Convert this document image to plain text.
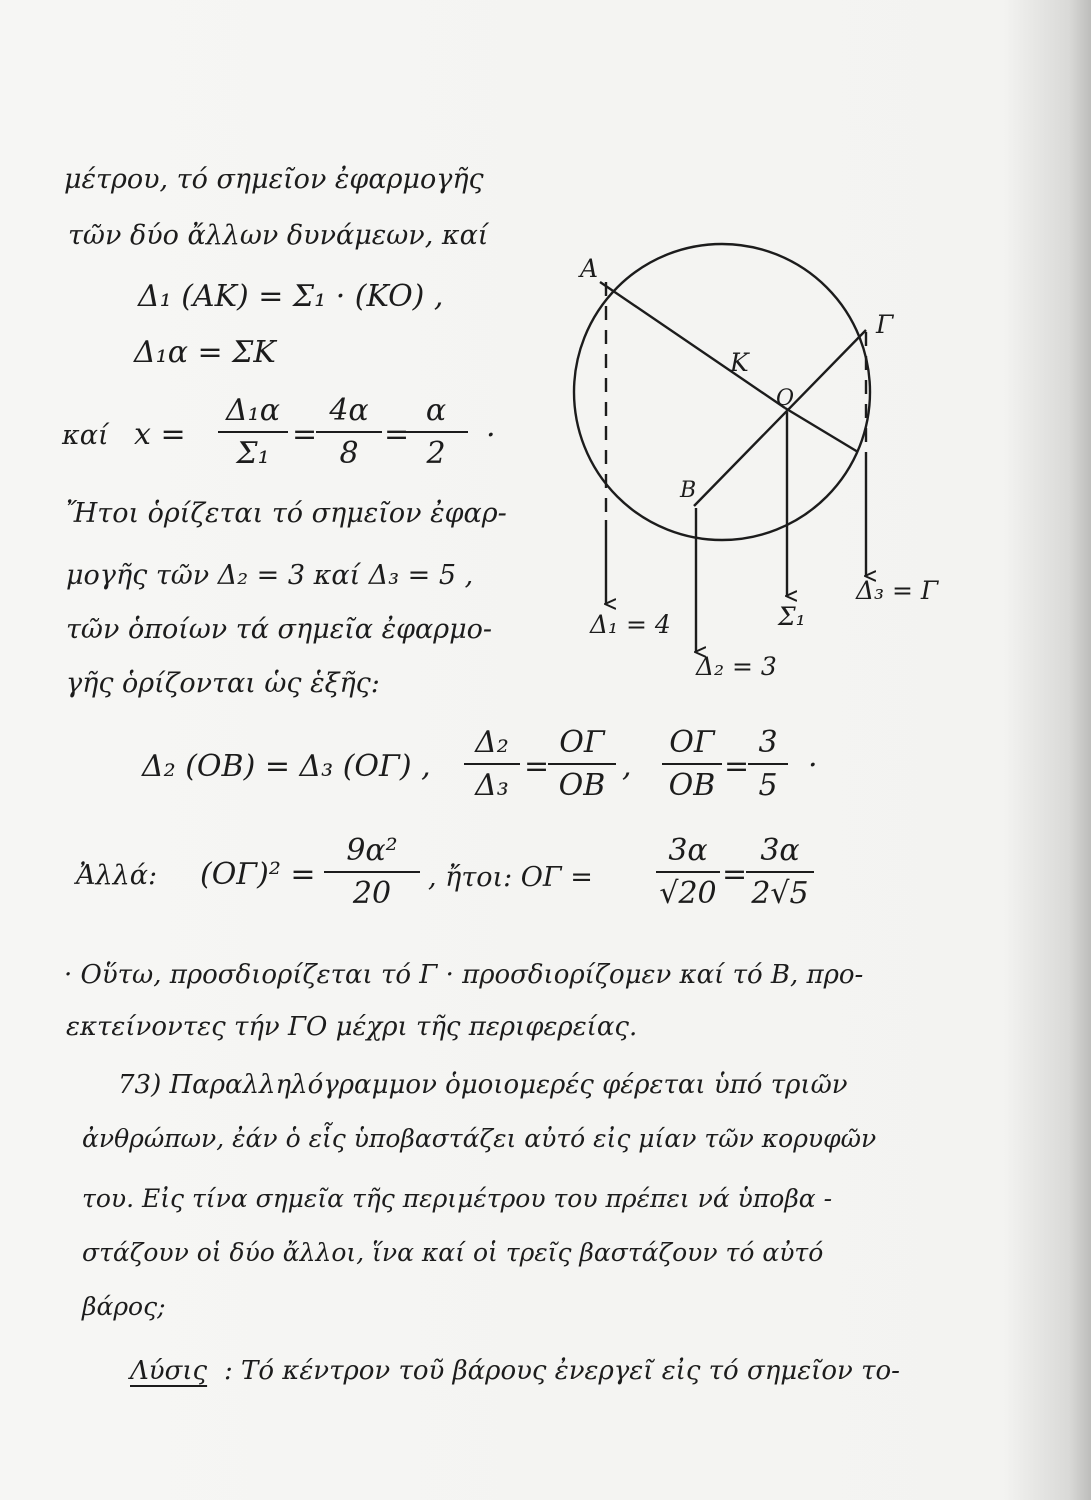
μέτρου, τό σημεῖον ἐφαρμογῆς
τῶν δύο ἄλλων δυνάμεων, καί
Δ₁ (AK) = Σ₁ · (KO) ,
Δ₁α = ΣK
καί $x = \frac{\text{Δ₁α}}{\text{Σ₁}}$ =
$\frac{4\alpha}{8}$ =
$\frac{\alpha}{2}$ .
Ἤτοι ὁρίζεται τό σημεῖον ἐφαρ-
μογῆς τῶν Δ₂ = 3 καί Δ₃ = 5 ,
τῶν ὁποίων τά σημεῖα ἐφαρμο-
γῆς ὁρίζονται ὡς ἑξῆς:
Δ₂ (OB) = Δ₃ (OΓ) , $\frac{\text{Δ₂}}{\text{Δ₃}}$ =
$\frac{O\Gamma}{OB}$ , $\frac{O\Gamma}{OB}$ =
$\frac{3}{5}$ .
Ἀλλά: $(O\Gamma)^2 = \frac{\text{9α²}}{20}$ , ἤτοι: $O\Gamma = \frac{3\alpha}{√20}$ =
$\frac{3\alpha}{2√5}$
· Οὕτω, προσδιορίζεται τό Γ · προσδιορίζομεν καί τό B, προ-
εκτείνοντες τήν ΓO μέχρι τῆς περιφερείας.
73) Παραλληλόγραμμον ὁμοιομερές φέρεται ὑπό τριῶν
ἀνθρώπων, ἐάν ὁ εἷς ὑποβαστάζει αὐτό εἰς μίαν τῶν κορυφῶν
του. Εἰς τίνα σημεῖα τῆς περιμέτρου του πρέπει νά ὑποβα -
στάζουν οἱ δύο ἄλλοι, ἵνα καί οἱ τρεῖς βαστάζουν τό αὐτό
βάρος;
Λύσις : Τό κέντρον τοῦ βάρους ἐνεργεῖ εἰς τό σημεῖον το-
A
Γ
K
O
B
Δ₁ = 4	Σ₁
Δ₂ = 3
Δ₃ = Γ
